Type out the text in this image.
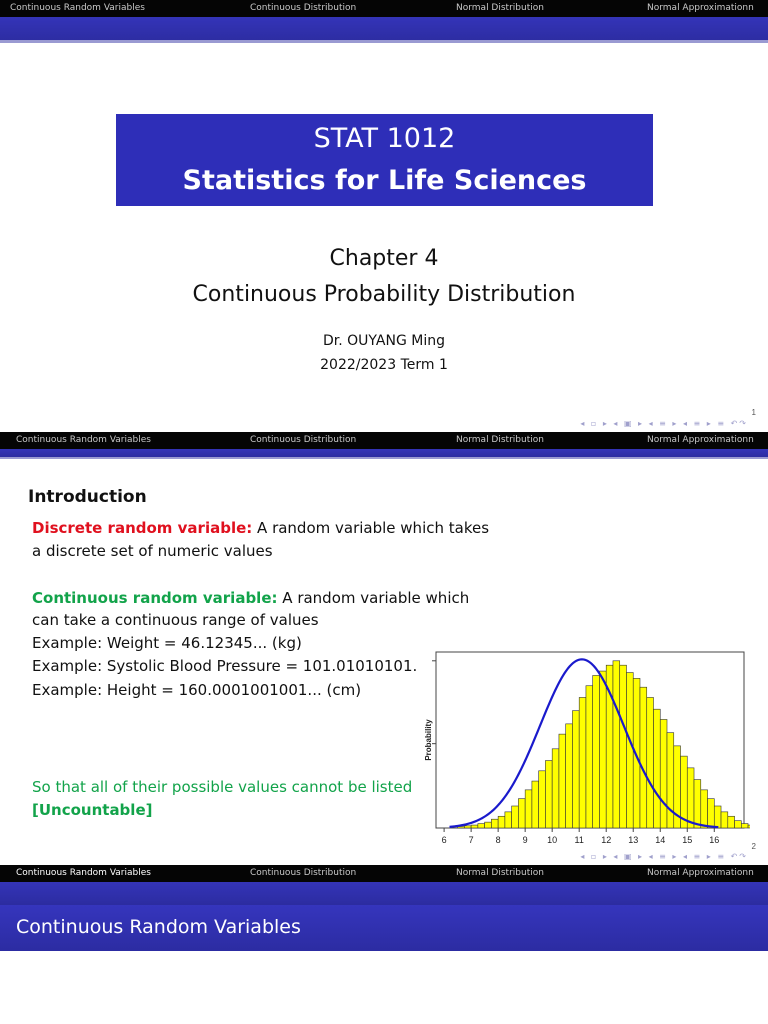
Continuous Random Variables	Continuous Distribution	Normal Distribution	Normal Approximationn
STAT 1012
Statistics for Life Sciences
Chapter 4
Continuous Probability Distribution
Dr. OUYANG Ming
2022/2023 Term 1
1
◂ ▫ ▸ ◂ ▣ ▸ ◂ ≡ ▸ ◂ ≡ ▸ ≡ ↶↷
Continuous Random Variables	Continuous Distribution	Normal Distribution	Normal Approximationn
Introduction
Discrete random variable: A random variable which takes
a discrete set of numeric values
Continuous random variable: A random variable which
can take a continuous range of values
Example: Weight = 46.12345... (kg)
Example: Systolic Blood Pressure = 101.01010101.
Example: Height = 160.0001001001... (cm)
So that all of their possible values cannot be listed
[Uncountable]
6 7 8 9 10 11 12 13 14 15 16
Probability
2
◂ ▫ ▸ ◂ ▣ ▸ ◂ ≡ ▸ ◂ ≡ ▸ ≡ ↶↷
Continuous Random Variables	Continuous Distribution	Normal Distribution	Normal Approximationn
Continuous Random Variables
